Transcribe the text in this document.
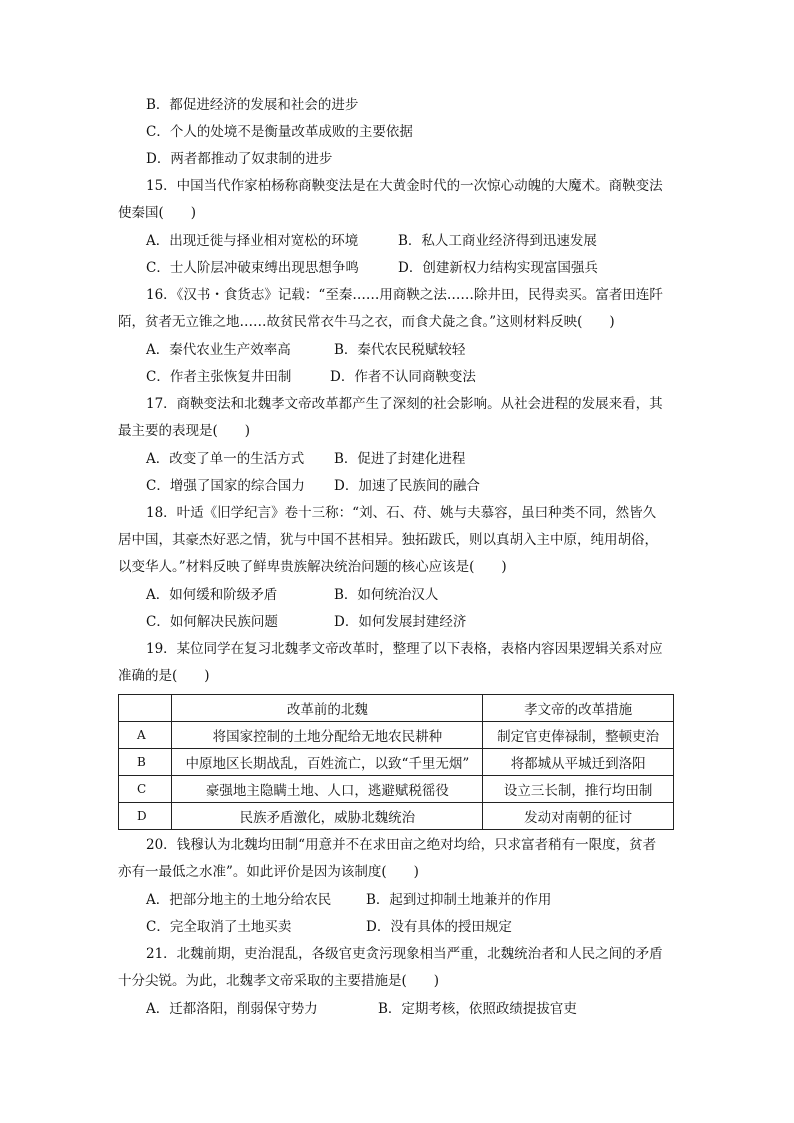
B．都促进经济的发展和社会的进步
C．个人的处境不是衡量改革成败的主要依据
D．两者都推动了奴隶制的进步
15．中国当代作家柏杨称商鞅变法是在大黄金时代的一次惊心动魄的大魔术。商鞅变法
使秦国(　　)
A．出现迁徙与择业相对宽松的环境	B．私人工商业经济得到迅速发展
C．士人阶层冲破束缚出现思想争鸣	D．创建新权力结构实现富国强兵
16．《汉书・食货志》记载：“至秦……用商鞅之法……除井田，民得卖买。富者田连阡
陌，贫者无立锥之地……故贫民常衣牛马之衣，而食犬彘之食。”这则材料反映(　　)
A．秦代农业生产效率高	B．秦代农民税赋较轻
C．作者主张恢复井田制	D．作者不认同商鞅变法
17．商鞅变法和北魏孝文帝改革都产生了深刻的社会影响。从社会进程的发展来看，其
最主要的表现是(　　)
A．改变了单一的生活方式 B．促进了封建化进程
C．增强了国家的综合国力 D．加速了民族间的融合
18．叶适《旧学纪言》卷十三称：“刘、石、苻、姚与夫慕容，虽曰种类不同，然皆久
居中国，其豪杰好恶之情，犹与中国不甚相异。独拓跋氏，则以真胡入主中原，纯用胡俗，
以变华人。”材料反映了鲜卑贵族解决统治问题的核心应该是(　　)
A．如何缓和阶级矛盾	B．如何统治汉人
C．如何解决民族问题	D．如何发展封建经济
19．某位同学在复习北魏孝文帝改革时，整理了以下表格，表格内容因果逻辑关系对应
准确的是(　　)
	改革前的北魏	孝文帝的改革措施
A	将国家控制的土地分配给无地农民耕种	制定官吏俸禄制，整顿吏治
B	中原地区长期战乱，百姓流亡，以致“千里无烟”	将都城从平城迁到洛阳
C	豪强地主隐瞒土地、人口，逃避赋税徭役	设立三长制，推行均田制
D	民族矛盾激化，威胁北魏统治	发动对南朝的征讨
20．钱穆认为北魏均田制“用意并不在求田亩之绝对均给，只求富者稍有一限度，贫者
亦有一最低之水准”。如此评价是因为该制度(　　)
A．把部分地主的土地分给农民	B．起到过抑制土地兼并的作用
C．完全取消了土地买卖	D．没有具体的授田规定
21．北魏前期，吏治混乱，各级官吏贪污现象相当严重，北魏统治者和人民之间的矛盾
十分尖锐。为此，北魏孝文帝采取的主要措施是(　　)
A．迁都洛阳，削弱保守势力	B．定期考核，依照政绩提拔官吏
